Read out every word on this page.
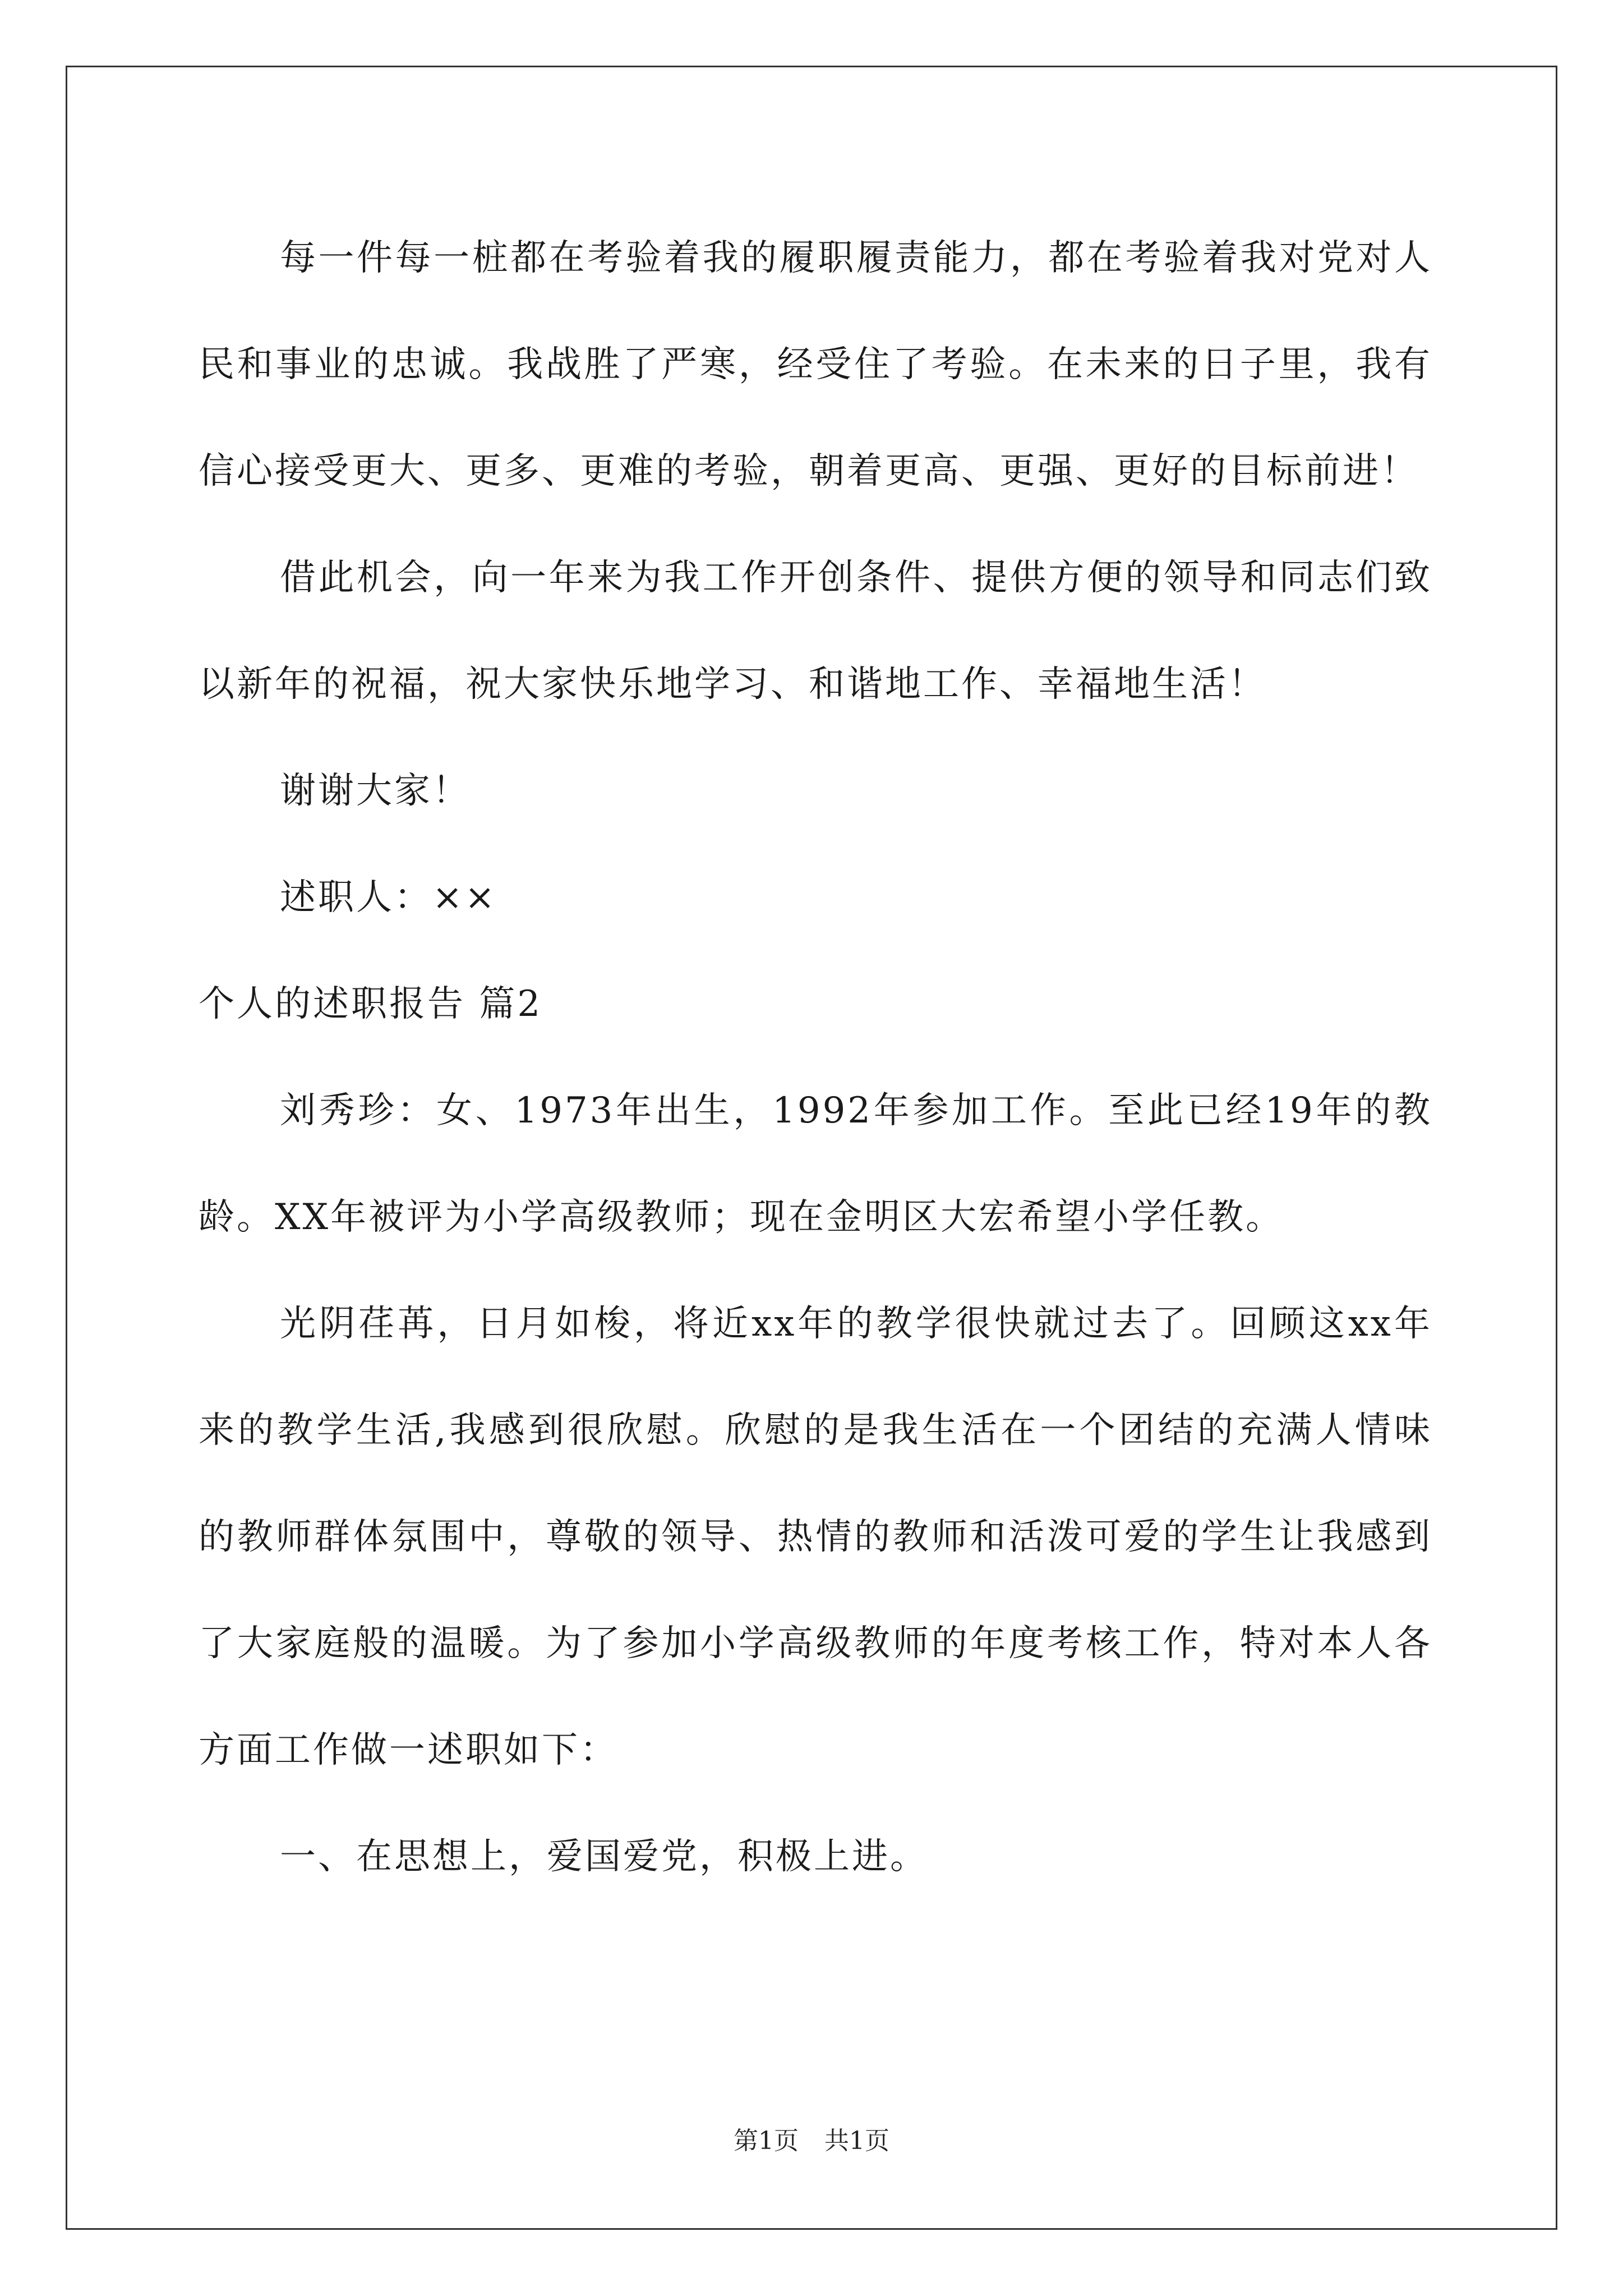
每一件每一桩都在考验着我的履职履责能力，都在考验着我对党对人民和事业的忠诚。我战胜了严寒，经受住了考验。在未来的日子里，我有信心接受更大、更多、更难的考验，朝着更高、更强、更好的目标前进！

借此机会，向一年来为我工作开创条件、提供方便的领导和同志们致以新年的祝福，祝大家快乐地学习、和谐地工作、幸福地生活！

谢谢大家！

述职人：××

个人的述职报告 篇2

刘秀珍：女、1973年出生，1992年参加工作。至此已经19年的教龄。XX年被评为小学高级教师；现在金明区大宏希望小学任教。

光阴荏苒，日月如梭，将近xx年的教学很快就过去了。回顾这xx年来的教学生活,我感到很欣慰。欣慰的是我生活在一个团结的充满人情味的教师群体氛围中，尊敬的领导、热情的教师和活泼可爱的学生让我感到了大家庭般的温暖。为了参加小学高级教师的年度考核工作，特对本人各方面工作做一述职如下：

一、在思想上，爱国爱党，积极上进。

第1页 共1页
